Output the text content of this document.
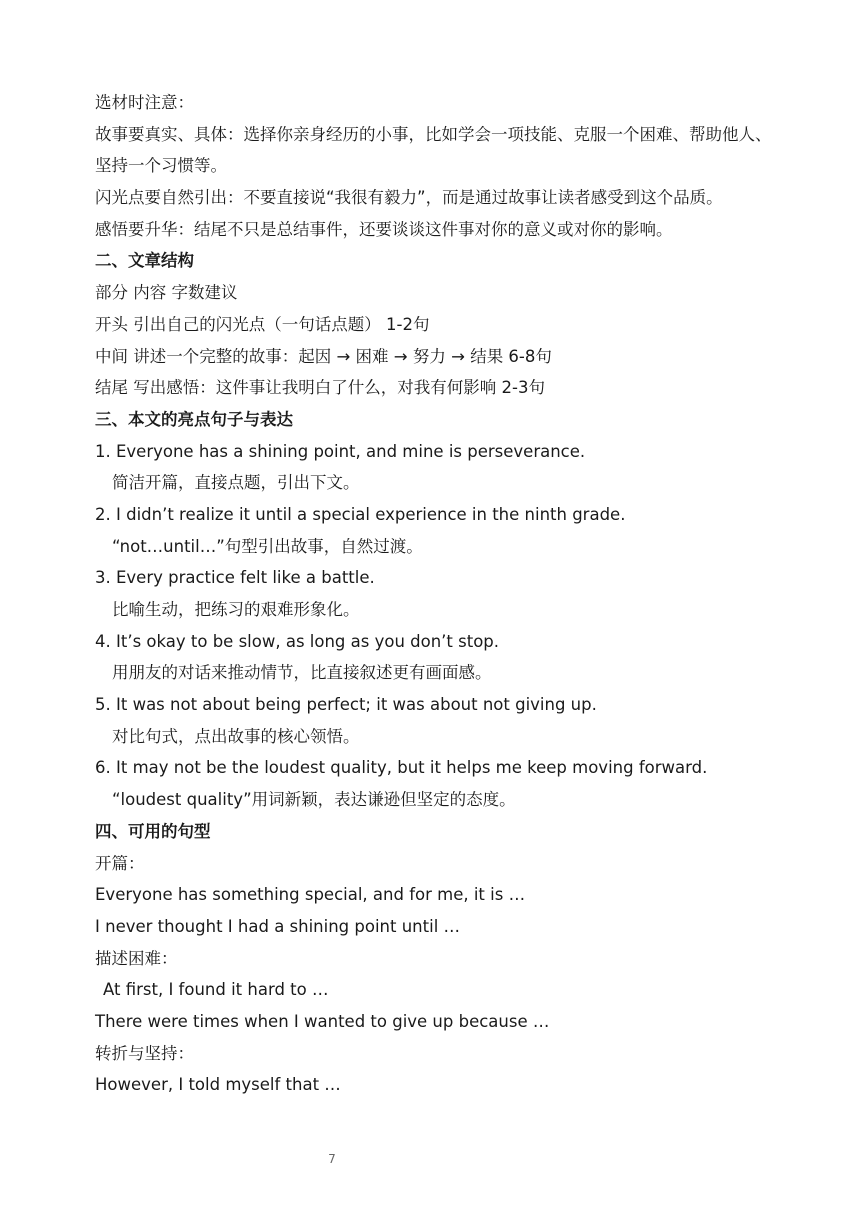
选材时注意：
故事要真实、具体：选择你亲身经历的小事，比如学会一项技能、克服一个困难、帮助他人、坚持一个习惯等。
闪光点要自然引出：不要直接说“我很有毅力”，而是通过故事让读者感受到这个品质。
感悟要升华：结尾不只是总结事件，还要谈谈这件事对你的意义或对你的影响。
二、文章结构
部分 内容 字数建议
开头 引出自己的闪光点（一句话点题） 1-2句
中间 讲述一个完整的故事：起因 → 困难 → 努力 → 结果 6-8句
结尾 写出感悟：这件事让我明白了什么，对我有何影响 2-3句
三、本文的亮点句子与表达
1. Everyone has a shining point, and mine is perseverance.
简洁开篇，直接点题，引出下文。
2. I didn’t realize it until a special experience in the ninth grade.
“not…until…”句型引出故事，自然过渡。
3. Every practice felt like a battle.
比喻生动，把练习的艰难形象化。
4. It’s okay to be slow, as long as you don’t stop.
用朋友的对话来推动情节，比直接叙述更有画面感。
5. It was not about being perfect; it was about not giving up.
对比句式，点出故事的核心领悟。
6. It may not be the loudest quality, but it helps me keep moving forward.
“loudest quality”用词新颖，表达谦逊但坚定的态度。
四、可用的句型
开篇：
Everyone has something special, and for me, it is …
I never thought I had a shining point until …
描述困难：
At first, I found it hard to …
There were times when I wanted to give up because …
转折与坚持：
However, I told myself that …
7
